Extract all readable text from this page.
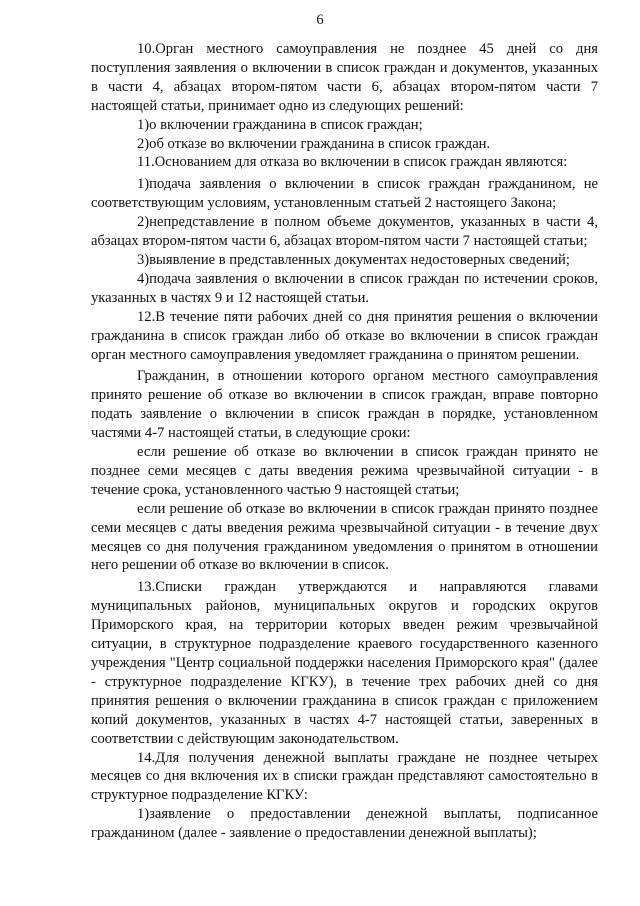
6

10.Орган местного самоуправления не позднее 45 дней со дня поступления заявления о включении в список граждан и документов, указанных в части 4, абзацах втором-пятом части 6, абзацах втором-пятом части 7 настоящей статьи, принимает одно из следующих решений:

1)о включении гражданина в список граждан;

2)об отказе во включении гражданина в список граждан.

11.Основанием для отказа во включении в список граждан являются:

1)подача заявления о включении в список граждан гражданином, не соответствующим условиям, установленным статьей 2 настоящего Закона;

2)непредставление в полном объеме документов, указанных в части 4, абзацах втором-пятом части 6, абзацах втором-пятом части 7 настоящей статьи;

3)выявление в представленных документах недостоверных сведений;

4)подача заявления о включении в список граждан по истечении сроков, указанных в частях 9 и 12 настоящей статьи.

12.В течение пяти рабочих дней со дня принятия решения о включении гражданина в список граждан либо об отказе во включении в список граждан орган местного самоуправления уведомляет гражданина о принятом решении.

Гражданин, в отношении которого органом местного самоуправления принято решение об отказе во включении в список граждан, вправе повторно подать заявление о включении в список граждан в порядке, установленном частями 4-7 настоящей статьи, в следующие сроки:

если решение об отказе во включении в список граждан принято не позднее семи месяцев с даты введения режима чрезвычайной ситуации - в течение срока, установленного частью 9 настоящей статьи;

если решение об отказе во включении в список граждан принято позднее семи месяцев с даты введения режима чрезвычайной ситуации - в течение двух месяцев со дня получения гражданином уведомления о принятом в отношении него решении об отказе во включении в список.

13.Списки граждан утверждаются и направляются главами муниципальных районов, муниципальных округов и городских округов Приморского края, на территории которых введен режим чрезвычайной ситуации, в структурное подразделение краевого государственного казенного учреждения "Центр социальной поддержки населения Приморского края" (далее - структурное подразделение КГКУ), в течение трех рабочих дней со дня принятия решения о включении гражданина в список граждан с приложением копий документов, указанных в частях 4-7 настоящей статьи, заверенных в соответствии с действующим законодательством.

14.Для получения денежной выплаты граждане не позднее четырех месяцев со дня включения их в списки граждан представляют самостоятельно в структурное подразделение КГКУ:

1)заявление о предоставлении денежной выплаты, подписанное гражданином (далее - заявление о предоставлении денежной выплаты);
